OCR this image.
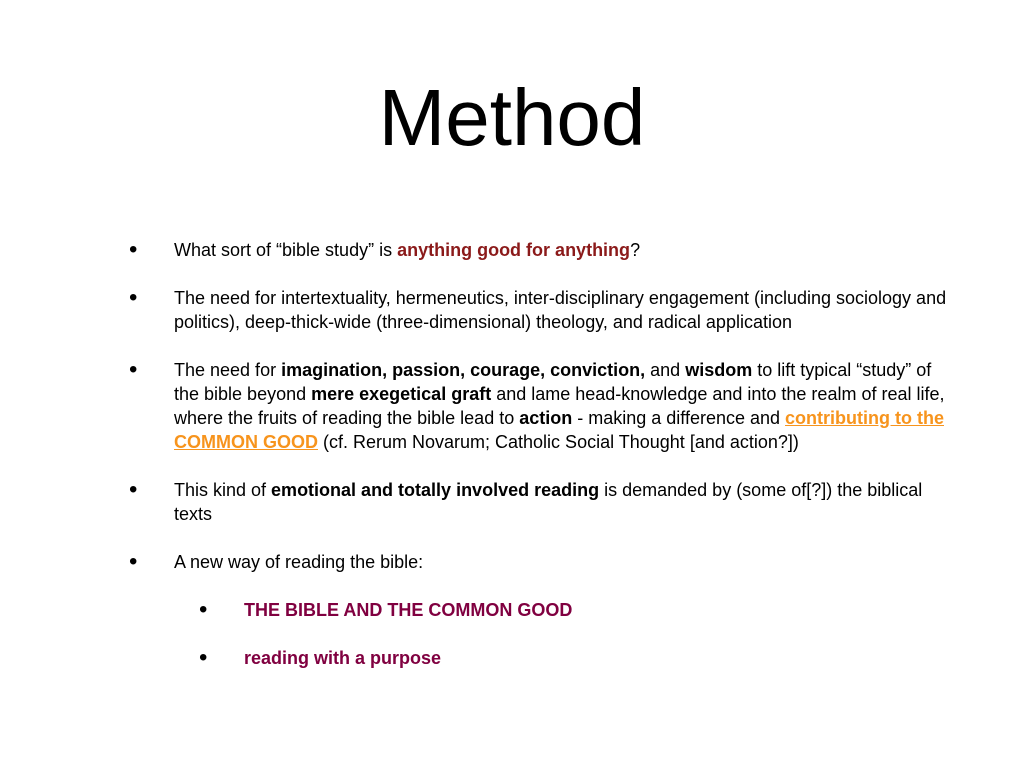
Method
• What sort of “bible study” is anything good for anything?
• The need for intertextuality, hermeneutics, inter-disciplinary engagement (including sociology and politics), deep-thick-wide (three-dimensional) theology, and radical application
• The need for imagination, passion, courage, conviction, and wisdom to lift typical “study” of the bible beyond mere exegetical graft and lame head-knowledge and into the realm of real life, where the fruits of reading the bible lead to action - making a difference and contributing to the COMMON GOOD (cf. Rerum Novarum; Catholic Social Thought [and action?])
• This kind of emotional and totally involved reading is demanded by (some of[?]) the biblical texts
• A new way of reading the bible:
• THE BIBLE AND THE COMMON GOOD
• reading with a purpose
